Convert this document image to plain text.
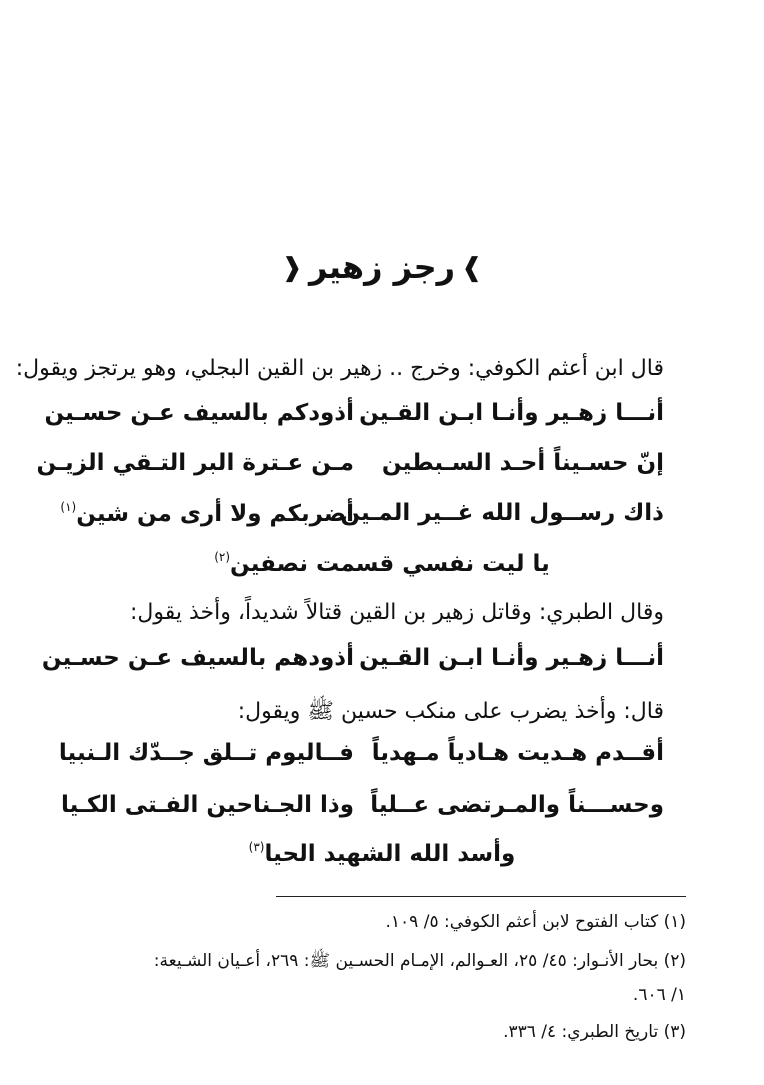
❱رجز زهير❰
قال ابن أعثم الكوفي: وخرج .. زهير بن القين البجلي، وهو يرتجز ويقول:
أنـــا زهـير وأنـا ابـن القـين
أذودكم بالسيف عـن حسـين
إنّ حسـيناً أحـد السـبطين
مـن عـترة البر التـقي الزيـن
ذاك رســول الله غــير المـين
أضربكم ولا أرى من شين$^{(١)}$
يا ليت نفسي قسمت نصفين$^{(٢)}$
وقال الطبري: وقاتل زهير بن القين قتالاً شديداً، وأخذ يقول:
أنـــا زهـير وأنـا ابـن القـين
أذودهم بالسيف عـن حسـين
قال: وأخذ يضرب على منكب حسين ﷺ ويقول:
أقــدم هـديت هـادياً مـهدياً
فــاليوم تــلق جــدّك الـنبيا
وحســـناً والمـرتضى عــلياً
وذا الجـناحين الفـتى الكـيا
وأسد الله الشهيد الحيا$^{(٣)}$
(١) كتاب الفتوح لابن أعثم الكوفي: ٥/ ١٠٩.
(٢) بحار الأنـوار: ٤٥/ ٢٥، العـوالم، الإمـام الحسـين ﷺ: ٢٦٩، أعـيان الشـيعة:
١/ ٦٠٦.
(٣) تاريخ الطبري: ٤/ ٣٣٦.
